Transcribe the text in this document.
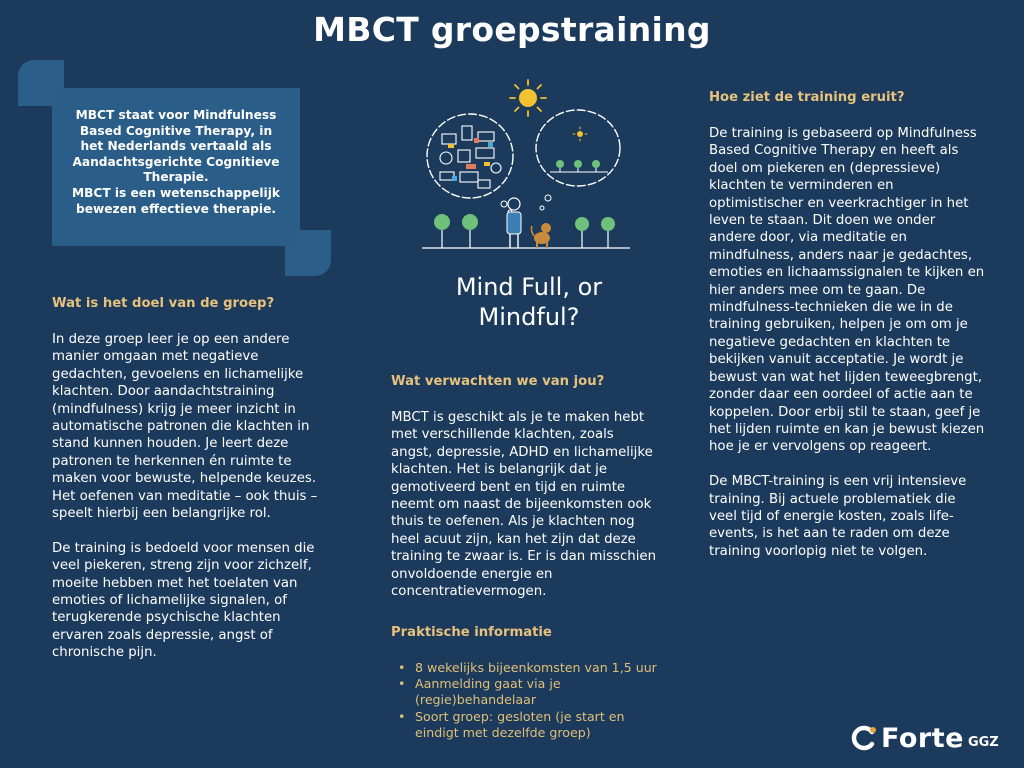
MBCT groepstraining
MBCT staat voor Mindfulness
Based Cognitive Therapy, in
het Nederlands vertaald als
Aandachtsgerichte Cognitieve
Therapie.
MBCT is een wetenschappelijk
bewezen effectieve therapie.
Wat is het doel van de groep?

In deze groep leer je op een andere manier omgaan met negatieve gedachten, gevoelens en lichamelijke klachten. Door aandachtstraining (mindfulness) krijg je meer inzicht in automatische patronen die klachten in stand kunnen houden. Je leert deze patronen te herkennen én ruimte te maken voor bewuste, helpende keuzes. Het oefenen van meditatie – ook thuis – speelt hierbij een belangrijke rol.

De training is bedoeld voor mensen die veel piekeren, streng zijn voor zichzelf, moeite hebben met het toelaten van emoties of lichamelijke signalen, of terugkerende psychische klachten ervaren zoals depressie, angst of chronische pijn.

Mind Full, or
Mindful?
Wat verwachten we van jou?

MBCT is geschikt als je te maken hebt met verschillende klachten, zoals angst, depressie, ADHD en lichamelijke klachten. Het is belangrijk dat je gemotiveerd bent en tijd en ruimte neemt om naast de bijeenkomsten ook thuis te oefenen. Als je klachten nog heel acuut zijn, kan het zijn dat deze training te zwaar is. Er is dan misschien onvoldoende energie en concentratievermogen.

Praktische informatie
• 8 wekelijks bijeenkomsten van 1,5 uur
• Aanmelding gaat via je (regie)behandelaar
• Soort groep: gesloten (je start en eindigt met dezelfde groep)
Hoe ziet de training eruit?

De training is gebaseerd op Mindfulness Based Cognitive Therapy en heeft als doel om piekeren en (depressieve) klachten te verminderen en optimistischer en veerkrachtiger in het leven te staan. Dit doen we onder andere door, via meditatie en mindfulness, anders naar je gedachtes, emoties en lichaamssignalen te kijken en hier anders mee om te gaan. De mindfulness-technieken die we in de training gebruiken, helpen je om om je negatieve gedachten en klachten te bekijken vanuit acceptatie. Je wordt je bewust van wat het lijden teweegbrengt, zonder daar een oordeel of actie aan te koppelen. Door erbij stil te staan, geef je het lijden ruimte en kan je bewust kiezen hoe je er vervolgens op reageert.

De MBCT-training is een vrij intensieve training. Bij actuele problematiek die veel tijd of energie kosten, zoals life-events, is het aan te raden om deze training voorlopig niet te volgen.

Forte GGZ
